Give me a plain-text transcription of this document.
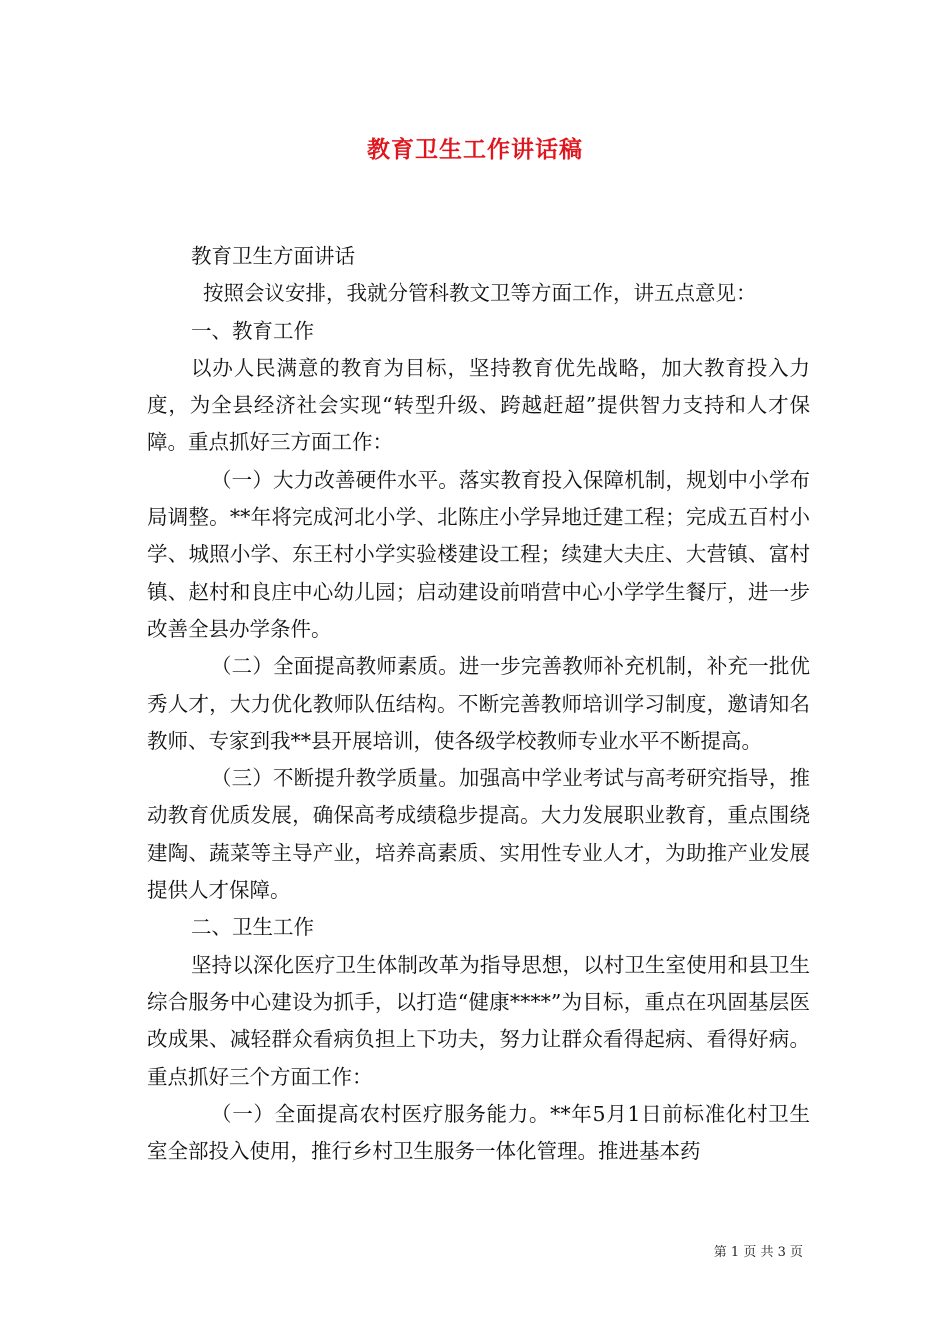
教育卫生工作讲话稿

教育卫生方面讲话

按照会议安排，我就分管科教文卫等方面工作，讲五点意见：

一、教育工作

以办人民满意的教育为目标，坚持教育优先战略，加大教育投入力度，为全县经济社会实现“转型升级、跨越赶超”提供智力支持和人才保障。重点抓好三方面工作：

（一）大力改善硬件水平。落实教育投入保障机制，规划中小学布局调整。**年将完成河北小学、北陈庄小学异地迁建工程；完成五百村小学、城照小学、东王村小学实验楼建设工程；续建大夫庄、大营镇、富村镇、赵村和良庄中心幼儿园；启动建设前哨营中心小学学生餐厅，进一步改善全县办学条件。

（二）全面提高教师素质。进一步完善教师补充机制，补充一批优秀人才，大力优化教师队伍结构。不断完善教师培训学习制度，邀请知名教师、专家到我**县开展培训，使各级学校教师专业水平不断提高。

（三）不断提升教学质量。加强高中学业考试与高考研究指导，推动教育优质发展，确保高考成绩稳步提高。大力发展职业教育，重点围绕建陶、蔬菜等主导产业，培养高素质、实用性专业人才，为助推产业发展提供人才保障。

二、卫生工作

坚持以深化医疗卫生体制改革为指导思想，以村卫生室使用和县卫生综合服务中心建设为抓手，以打造“健康****”为目标，重点在巩固基层医改成果、减轻群众看病负担上下功夫，努力让群众看得起病、看得好病。重点抓好三个方面工作：

（一）全面提高农村医疗服务能力。**年5月1日前标准化村卫生室全部投入使用，推行乡村卫生服务一体化管理。推进基本药

第 1 页 共 3 页
